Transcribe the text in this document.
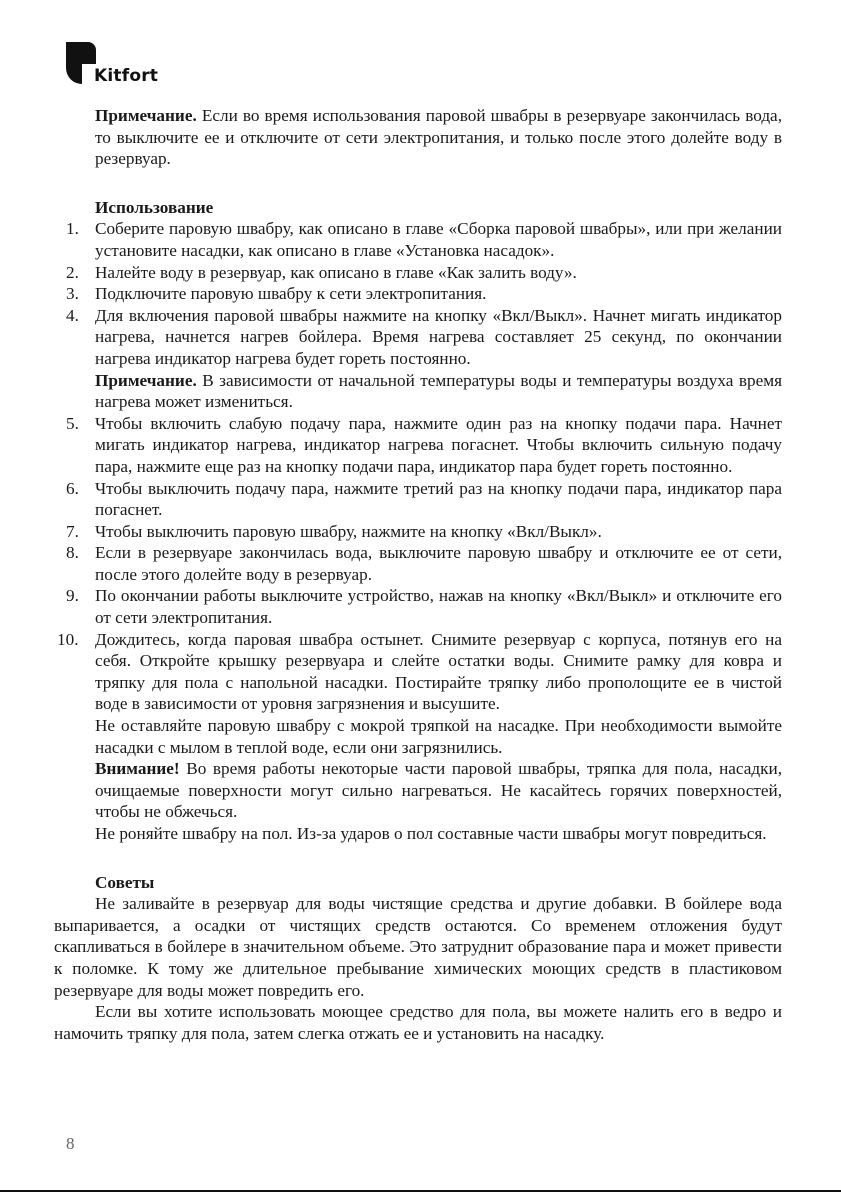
Kitfort

Примечание. Если во время использования паровой швабры в резервуаре закончилась вода, то выключите ее и отключите от сети электропитания, и только после этого долейте воду в резервуар.

Использование

1. Соберите паровую швабру, как описано в главе «Сборка паровой швабры», или при желании установите насадки, как описано в главе «Установка насадок».
2. Налейте воду в резервуар, как описано в главе «Как залить воду».
3. Подключите паровую швабру к сети электропитания.
4. Для включения паровой швабры нажмите на кнопку «Вкл/Выкл». Начнет мигать индикатор нагрева, начнется нагрев бойлера. Время нагрева составляет 25 секунд, по окончании нагрева индикатор нагрева будет гореть постоянно.

Примечание. В зависимости от начальной температуры воды и температуры воздуха время нагрева может измениться.

5. Чтобы включить слабую подачу пара, нажмите один раз на кнопку подачи пара. Начнет мигать индикатор нагрева, индикатор нагрева погаснет. Чтобы включить сильную подачу пара, нажмите еще раз на кнопку подачи пара, индикатор пара будет гореть постоянно.
6. Чтобы выключить подачу пара, нажмите третий раз на кнопку подачи пара, индикатор пара погаснет.
7. Чтобы выключить паровую швабру, нажмите на кнопку «Вкл/Выкл».
8. Если в резервуаре закончилась вода, выключите паровую швабру и отключите ее от сети, после этого долейте воду в резервуар.
9. По окончании работы выключите устройство, нажав на кнопку «Вкл/Выкл» и отключите его от сети электропитания.
10. Дождитесь, когда паровая швабра остынет. Снимите резервуар с корпуса, потянув его на себя. Откройте крышку резервуара и слейте остатки воды. Снимите рамку для ковра и тряпку для пола с напольной насадки. Постирайте тряпку либо прополощите ее в чистой воде в зависимости от уровня загрязнения и высушите.

Не оставляйте паровую швабру с мокрой тряпкой на насадке. При необходимости вымойте насадки с мылом в теплой воде, если они загрязнились.

Внимание! Во время работы некоторые части паровой швабры, тряпка для пола, насадки, очищаемые поверхности могут сильно нагреваться. Не касайтесь горячих поверхностей, чтобы не обжечься.

Не роняйте швабру на пол. Из-за ударов о пол составные части швабры могут повредиться.

Советы

Не заливайте в резервуар для воды чистящие средства и другие добавки. В бойлере вода выпаривается, а осадки от чистящих средств остаются. Со временем отложения будут скапливаться в бойлере в значительном объеме. Это затруднит образование пара и может привести к поломке. К тому же длительное пребывание химических моющих средств в пластиковом резервуаре для воды может повредить его.

Если вы хотите использовать моющее средство для пола, вы можете налить его в ведро и намочить тряпку для пола, затем слегка отжать ее и установить на насадку.

8
